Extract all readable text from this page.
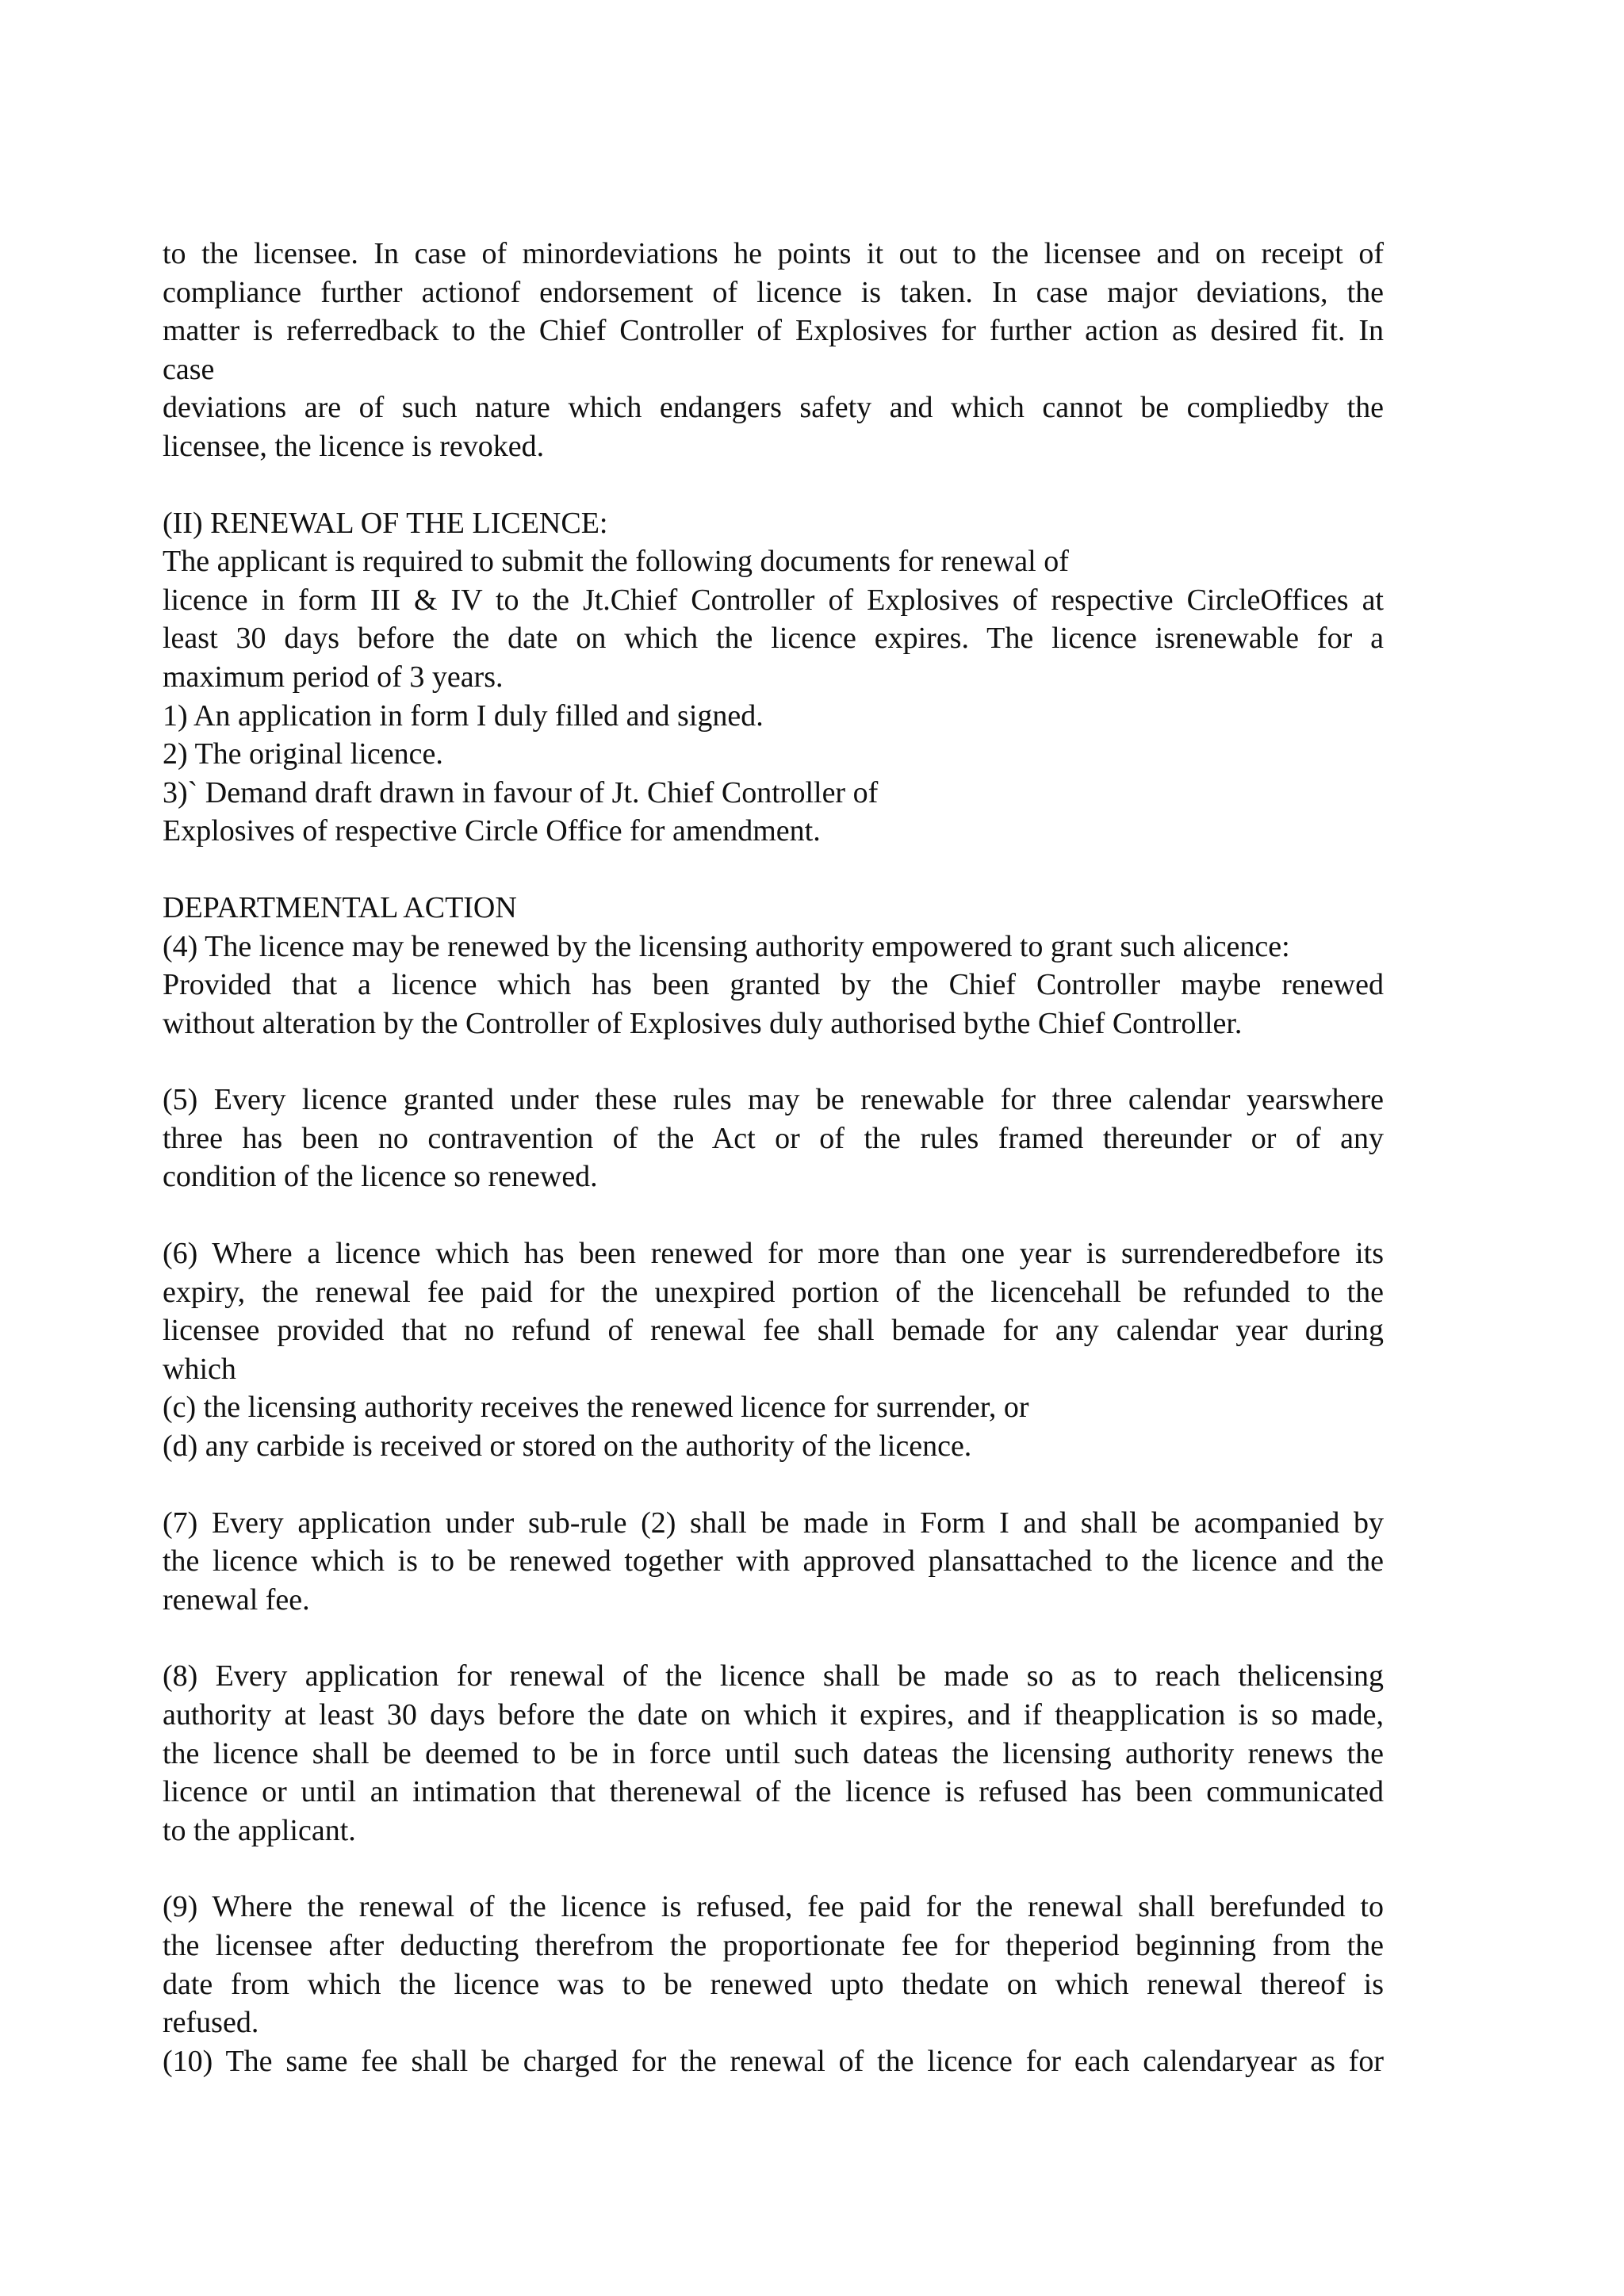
to the licensee. In case of minordeviations he points it out to the licensee and on receipt of

compliance further actionof endorsement of licence is taken. In case major deviations, the

matter is referredback to the Chief Controller of Explosives for further action as desired fit. In

case

deviations are of such nature which endangers safety and which cannot be compliedby the

licensee, the licence is revoked.

(II) RENEWAL OF THE LICENCE:

The applicant is required to submit the following documents for renewal of

licence in form III & IV to the Jt.Chief Controller of Explosives of respective CircleOffices at

least 30 days before the date on which the licence expires. The licence isrenewable for a

maximum period of 3 years.

1) An application in form I duly filled and signed.

2) The original licence.

3)` Demand draft drawn in favour of Jt. Chief Controller of

Explosives of respective Circle Office for amendment.

DEPARTMENTAL ACTION

(4) The licence may be renewed by the licensing authority empowered to grant such alicence:

Provided that a licence which has been granted by the Chief Controller maybe renewed

without alteration by the Controller of Explosives duly authorised bythe Chief Controller.

(5) Every licence granted under these rules may be renewable for three calendar yearswhere

three has been no contravention of the Act or of the rules framed thereunder or of any

condition of the licence so renewed.

(6) Where a licence which has been renewed for more than one year is surrenderedbefore its

expiry, the renewal fee paid for the unexpired portion of the licencehall be refunded to the

licensee provided that no refund of renewal fee shall bemade for any calendar year during

which

(c) the licensing authority receives the renewed licence for surrender, or

(d) any carbide is received or stored on the authority of the licence.

(7) Every application under sub-rule (2) shall be made in Form I and shall be acompanied by

the licence which is to be renewed together with approved plansattached to the licence and the

renewal fee.

(8) Every application for renewal of the licence shall be made so as to reach thelicensing

authority at least 30 days before the date on which it expires, and if theapplication is so made,

the licence shall be deemed to be in force until such dateas the licensing authority renews the

licence or until an intimation that therenewal of the licence is refused has been communicated

to the applicant.

(9) Where the renewal of the licence is refused, fee paid for the renewal shall berefunded to

the licensee after deducting therefrom the proportionate fee for theperiod beginning from the

date from which the licence was to be renewed upto thedate on which renewal thereof is

refused.

(10) The same fee shall be charged for the renewal of the licence for each calendaryear as for
